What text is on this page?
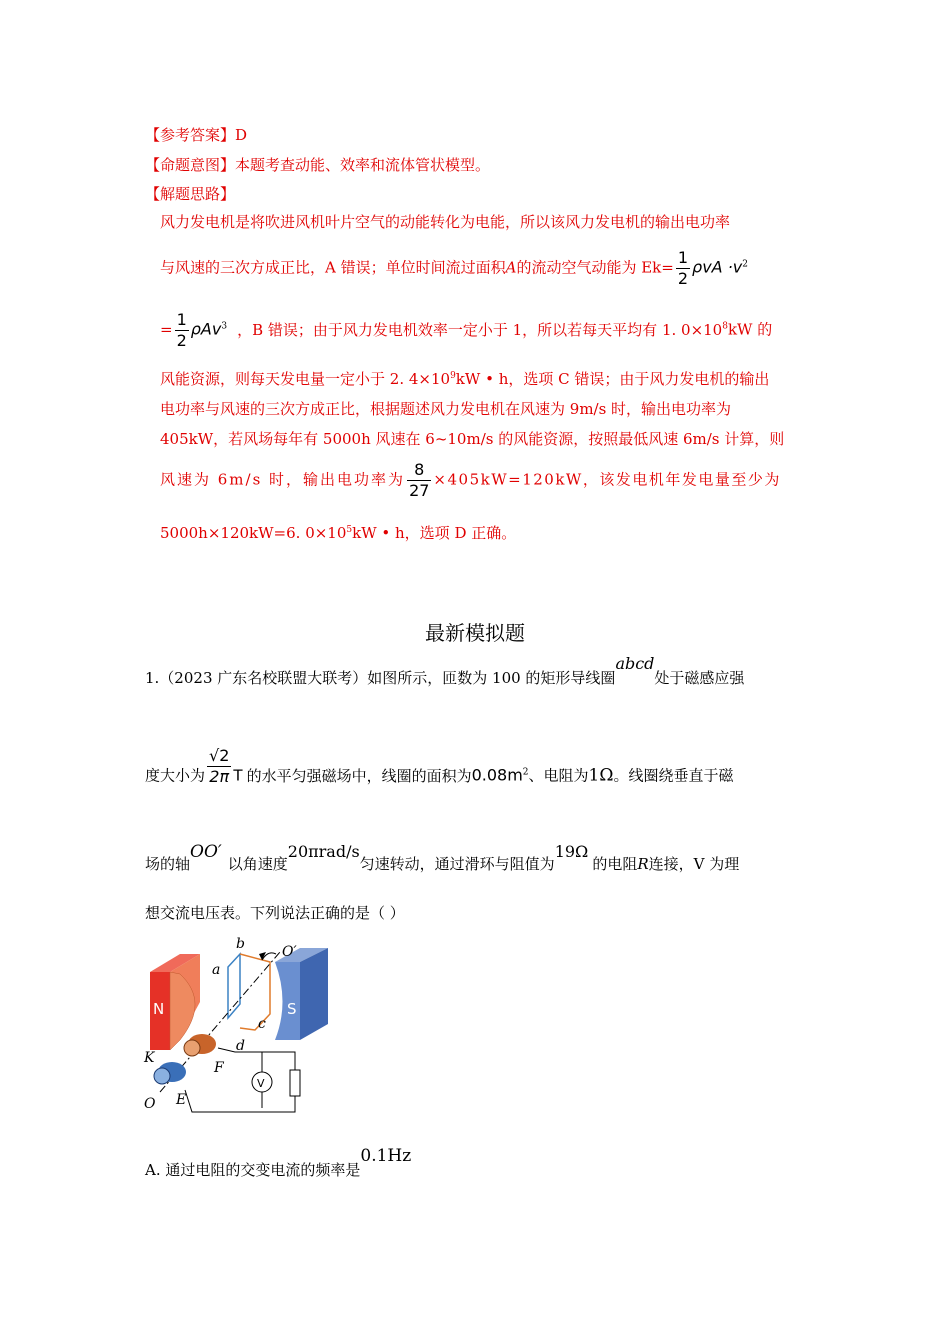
【参考答案】D
【命题意图】本题考查动能、效率和流体管状模型。
【解题思路】
风力发电机是将吹进风机叶片空气的动能转化为电能，所以该风力发电机的输出电功率
与风速的三次方成正比，A 错误；单位时间流过面积A的流动空气动能为 $Ek= \frac{1}{2}$ $\rho vA \cdot v^2$
= $\frac{1}{2} \rho Av^3$ ，B 错误；由于风力发电机效率一定小于 1，所以若每天平均有 1. $0\times 10^8kW$ 的
风能资源，则每天发电量一定小于 2. $4\times 10^9kW$ • h，选项 C 错误；由于风力发电机的输出
电功率与风速的三次方成正比，根据题述风力发电机在风速为 9m/s 时，输出电功率为
405kW，若风场每年有 5000h 风速在 6~10m/s 的风能资源，按照最低风速 6m/s 计算，则
风速为 6m/s 时，输出电功率为 $\frac{8}{27} \times 405kW=120kW$，该发电机年发电量至少为
5000h×120kW=6. $0\times 10^5kW$ • h，选项 D 正确。
最新模拟题
1.（2023 广东名校联盟大联考）如图所示，匝数为 100 的矩形导线圈abcd处于磁感应强
度大小为 $\frac{√2}{2\pi}$ T 的水平匀强磁场中，线圈的面积为$0.08m^2$、电阻为1Ω。线圈绕垂直于磁
场的轴OO′以角速度20πrad/s匀速转动，通过滑环与阻值为19Ω的电阻R连接，V 为理
想交流电压表。下列说法正确的是（ ）
N	S
V
b
a
c
d
O′
K
F
O E
A. 通过电阻的交变电流的频率是0.1Hz
